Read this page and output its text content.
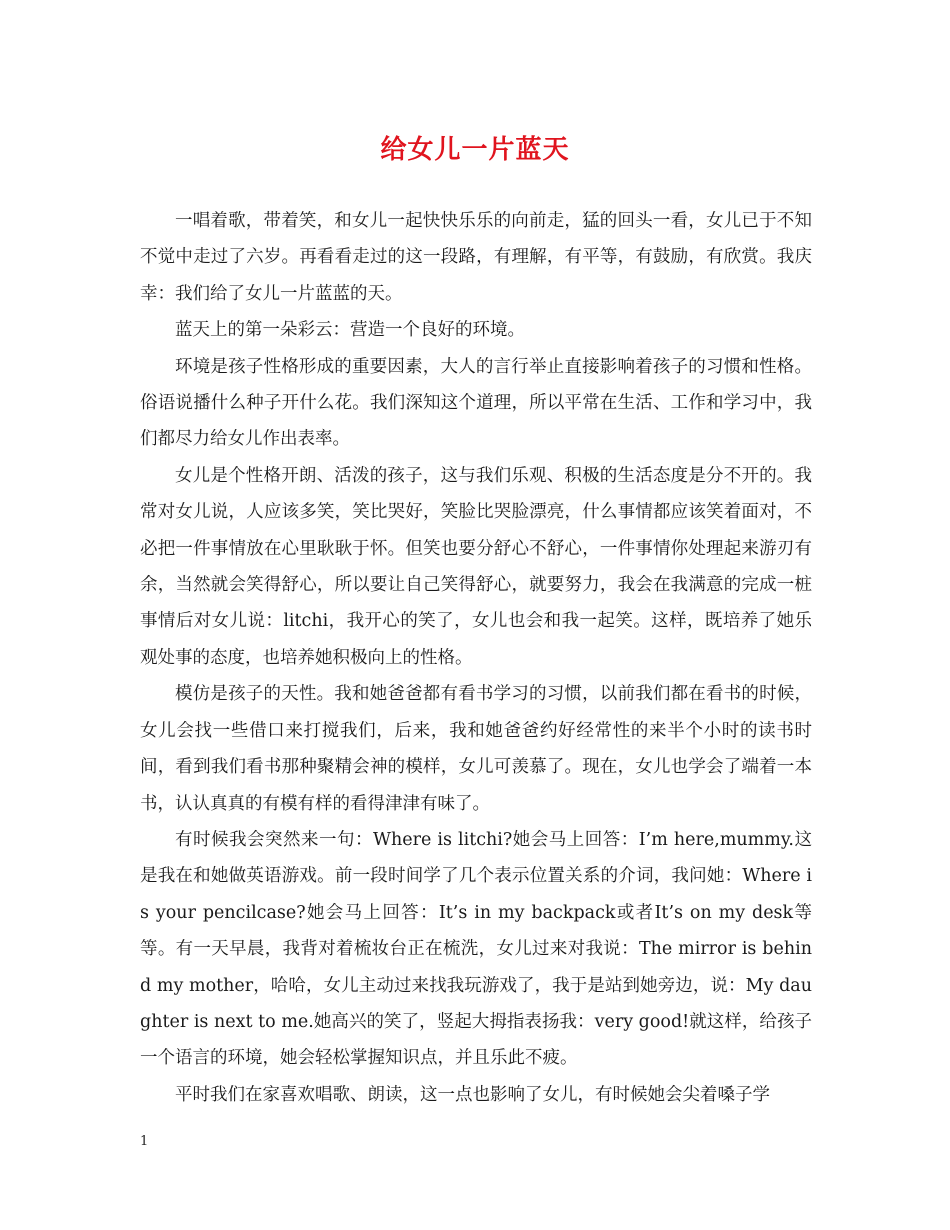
给女儿一片蓝天

一唱着歌，带着笑，和女儿一起快快乐乐的向前走，猛的回头一看，女儿已于不知不觉中走过了六岁。再看看走过的这一段路，有理解，有平等，有鼓励，有欣赏。我庆幸：我们给了女儿一片蓝蓝的天。

蓝天上的第一朵彩云：营造一个良好的环境。

环境是孩子性格形成的重要因素，大人的言行举止直接影响着孩子的习惯和性格。俗语说播什么种子开什么花。我们深知这个道理，所以平常在生活、工作和学习中，我们都尽力给女儿作出表率。

女儿是个性格开朗、活泼的孩子，这与我们乐观、积极的生活态度是分不开的。我常对女儿说，人应该多笑，笑比哭好，笑脸比哭脸漂亮，什么事情都应该笑着面对，不必把一件事情放在心里耿耿于怀。但笑也要分舒心不舒心，一件事情你处理起来游刃有余，当然就会笑得舒心，所以要让自己笑得舒心，就要努力，我会在我满意的完成一桩事情后对女儿说：litchi，我开心的笑了，女儿也会和我一起笑。这样，既培养了她乐观处事的态度，也培养她积极向上的性格。

模仿是孩子的天性。我和她爸爸都有看书学习的习惯，以前我们都在看书的时候，女儿会找一些借口来打搅我们，后来，我和她爸爸约好经常性的来半个小时的读书时间，看到我们看书那种聚精会神的模样，女儿可羡慕了。现在，女儿也学会了端着一本书，认认真真的有模有样的看得津津有味了。

有时候我会突然来一句：Where is litchi?她会马上回答：I’m here,mummy.这是我在和她做英语游戏。前一段时间学了几个表示位置关系的介词，我问她：Where is your pencilcase?她会马上回答：It’s in my backpack或者It’s on my desk等等。有一天早晨，我背对着梳妆台正在梳洗，女儿过来对我说：The mirror is behind my mother，哈哈，女儿主动过来找我玩游戏了，我于是站到她旁边，说：My daughter is next to me.她高兴的笑了，竖起大拇指表扬我：very good!就这样，给孩子一个语言的环境，她会轻松掌握知识点，并且乐此不疲。

平时我们在家喜欢唱歌、朗读，这一点也影响了女儿，有时候她会尖着嗓子学

1
